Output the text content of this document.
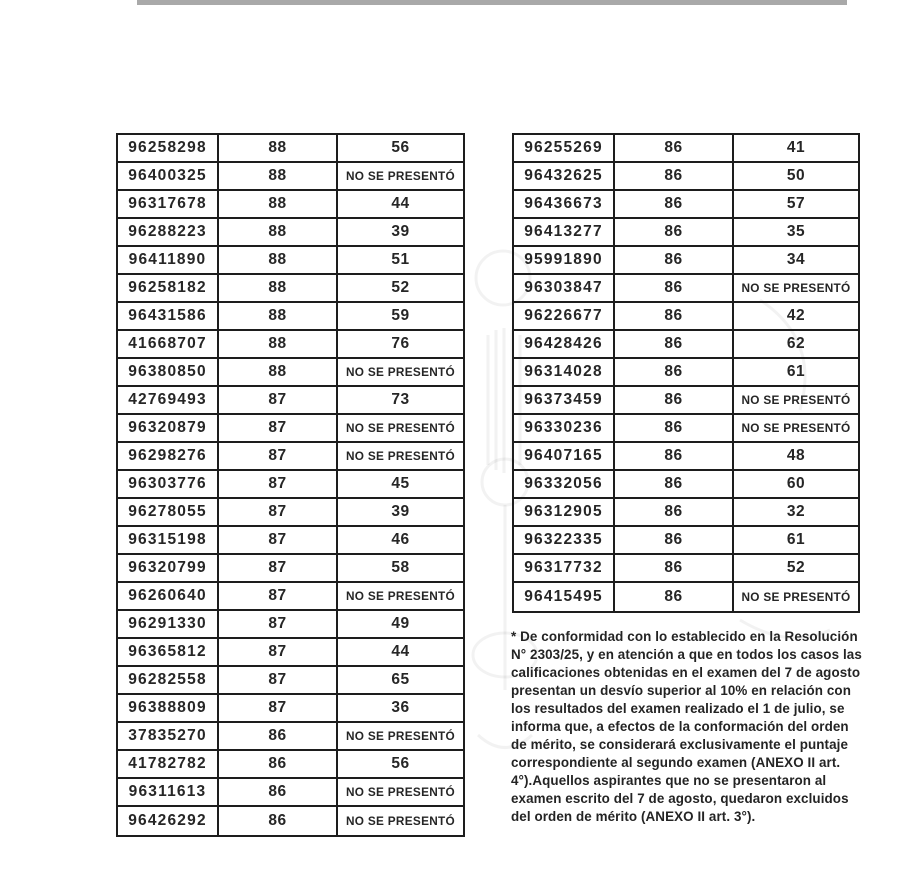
96258298	88	56
96400325	88	NO SE PRESENTÓ
96317678	88	44
96288223	88	39
96411890	88	51
96258182	88	52
96431586	88	59
41668707	88	76
96380850	88	NO SE PRESENTÓ
42769493	87	73
96320879	87	NO SE PRESENTÓ
96298276	87	NO SE PRESENTÓ
96303776	87	45
96278055	87	39
96315198	87	46
96320799	87	58
96260640	87	NO SE PRESENTÓ
96291330	87	49
96365812	87	44
96282558	87	65
96388809	87	36
37835270	86	NO SE PRESENTÓ
41782782	86	56
96311613	86	NO SE PRESENTÓ
96426292	86	NO SE PRESENTÓ
96255269	86	41
96432625	86	50
96436673	86	57
96413277	86	35
95991890	86	34
96303847	86	NO SE PRESENTÓ
96226677	86	42
96428426	86	62
96314028	86	61
96373459	86	NO SE PRESENTÓ
96330236	86	NO SE PRESENTÓ
96407165	86	48
96332056	86	60
96312905	86	32
96322335	86	61
96317732	86	52
96415495	86	NO SE PRESENTÓ

* De conformidad con lo establecido en la Resolución N° 2303/25, y en atención a que en todos los casos las calificaciones obtenidas en el examen del 7 de agosto presentan un desvío superior al 10% en relación con los resultados del examen realizado el 1 de julio, se informa que, a efectos de la conformación del orden de mérito, se considerará exclusivamente el puntaje correspondiente al segundo examen (ANEXO II art. 4°).Aquellos aspirantes que no se presentaron al examen escrito del 7 de agosto, quedaron excluidos del orden de mérito (ANEXO II art. 3°).
